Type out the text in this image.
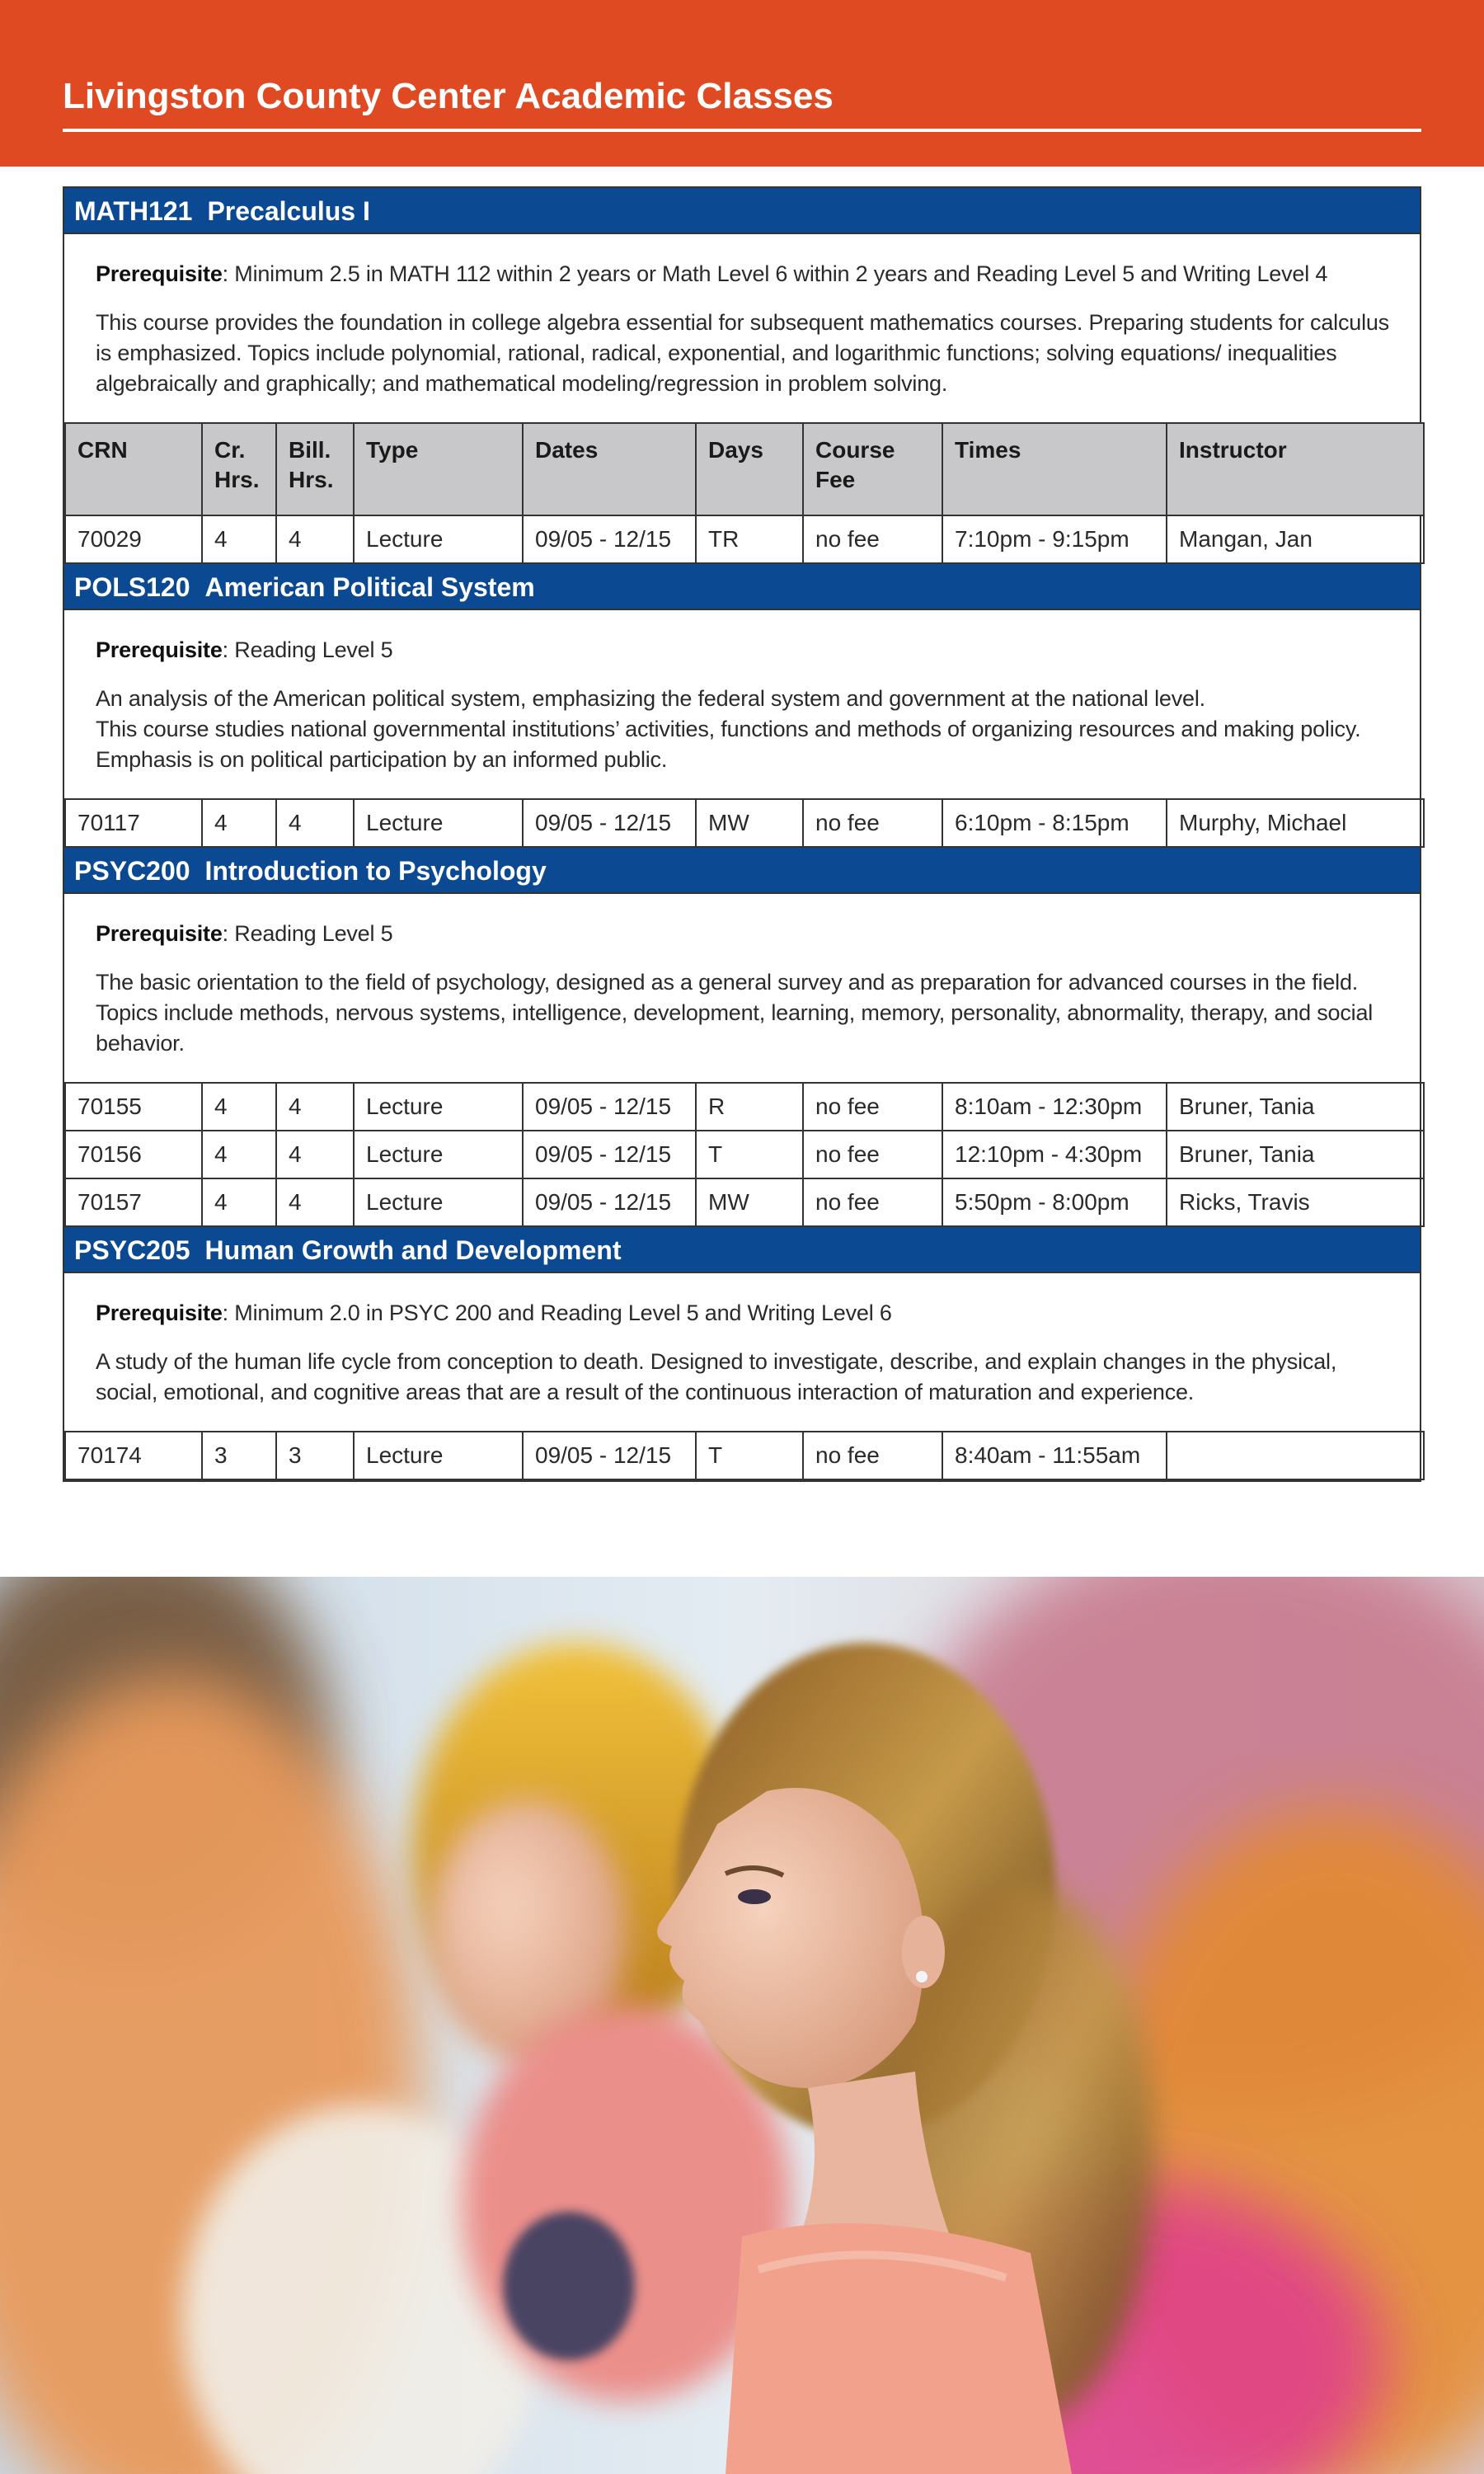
Livingston County Center Academic Classes
MATH121 Precalculus I

Prerequisite: Minimum 2.5 in MATH 112 within 2 years or Math Level 6 within 2 years and Reading Level 5 and Writing Level 4

This course provides the foundation in college algebra essential for subsequent mathematics courses. Preparing students for calculus is emphasized. Topics include polynomial, rational, radical, exponential, and logarithmic functions; solving equations/ inequalities algebraically and graphically; and mathematical modeling/regression in problem solving.

CRN	Cr. Hrs.	Bill. Hrs.	Type	Dates	Days	Course Fee	Times	Instructor
70029	4	4	Lecture	09/05 - 12/15	TR	no fee	7:10pm - 9:15pm	Mangan, Jan
POLS120 American Political System

Prerequisite: Reading Level 5

An analysis of the American political system, emphasizing the federal system and government at the national level.

This course studies national governmental institutions’ activities, functions and methods of organizing resources and making policy. Emphasis is on political participation by an informed public.

70117	4	4	Lecture	09/05 - 12/15	MW	no fee	6:10pm - 8:15pm	Murphy, Michael
PSYC200 Introduction to Psychology

Prerequisite: Reading Level 5

The basic orientation to the field of psychology, designed as a general survey and as preparation for advanced courses in the field. Topics include methods, nervous systems, intelligence, development, learning, memory, personality, abnormality, therapy, and social behavior.

70155	4	4	Lecture	09/05 - 12/15	R	no fee	8:10am - 12:30pm	Bruner, Tania
70156	4	4	Lecture	09/05 - 12/15	T	no fee	12:10pm - 4:30pm	Bruner, Tania
70157	4	4	Lecture	09/05 - 12/15	MW	no fee	5:50pm - 8:00pm	Ricks, Travis
PSYC205 Human Growth and Development

Prerequisite: Minimum 2.0 in PSYC 200 and Reading Level 5 and Writing Level 6

A study of the human life cycle from conception to death. Designed to investigate, describe, and explain changes in the physical, social, emotional, and cognitive areas that are a result of the continuous interaction of maturation and experience.

70174	3	3	Lecture	09/05 - 12/15	T	no fee	8:40am - 11:55am	
